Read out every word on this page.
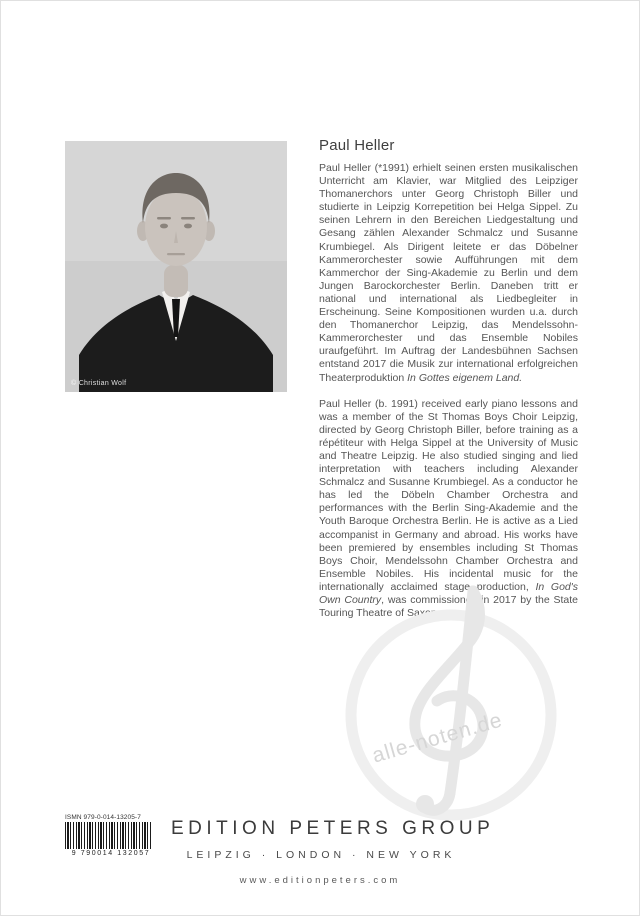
© Christian Wolf
Paul Heller

Paul Heller (*1991) erhielt seinen ersten musikalischen Unterricht am Klavier, war Mitglied des Leipziger Thomanerchors unter Georg Christoph Biller und studierte in Leipzig Korrepetition bei Helga Sippel. Zu seinen Lehrern in den Bereichen Liedgestaltung und Gesang zählen Alexander Schmalcz und Susanne Krumbiegel. Als Dirigent leitete er das Döbelner Kammerorchester sowie Aufführungen mit dem Kammerchor der Sing-Akademie zu Berlin und dem Jungen Barockorchester Berlin. Daneben tritt er national und international als Liedbegleiter in Erscheinung. Seine Kompositionen wurden u.a. durch den Thomanerchor Leipzig, das Mendelssohn-Kammerorchester und das Ensemble Nobiles uraufgeführt. Im Auftrag der Landesbühnen Sachsen entstand 2017 die Musik zur international erfolgreichen Theaterproduktion In Gottes eigenem Land.

Paul Heller (b. 1991) received early piano lessons and was a member of the St Thomas Boys Choir Leipzig, directed by Georg Christoph Biller, before training as a répétiteur with Helga Sippel at the University of Music and Theatre Leipzig. He also studied singing and lied interpretation with teachers including Alexander Schmalcz and Susanne Krumbiegel. As a conductor he has led the Döbeln Chamber Orchestra and performances with the Berlin Sing-Akademie and the Youth Baroque Orchestra Berlin. He is active as a Lied accompanist in Germany and abroad. His works have been premiered by ensembles including St Thomas Boys Choir, Mendelssohn Chamber Orchestra and Ensemble Nobiles. His incidental music for the internationally acclaimed stage production, In God's Own Country, was commissioned in 2017 by the State Touring Theatre of Saxony.

alle-noten.de
ISMN 979-0-014-13205-7
9 790014 132057
EDITION PETERS GROUP
LEIPZIG · LONDON · NEW YORK
www.editionpeters.com
